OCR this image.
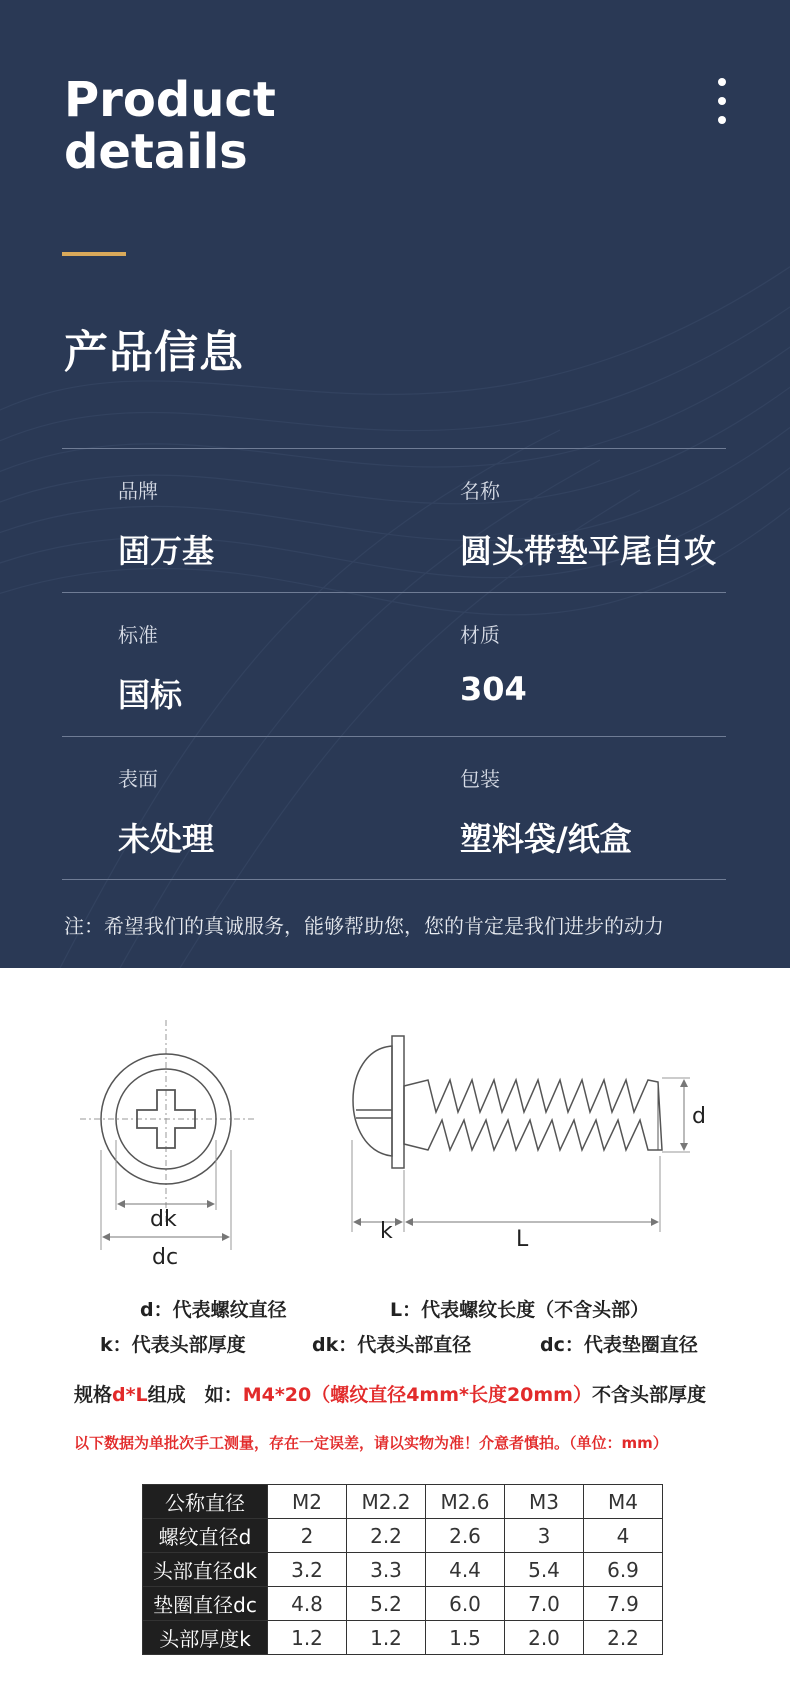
Product
details
产品信息
品牌
固万基
名称
圆头带垫平尾自攻
标准
国标
材质
304
表面
未处理
包装
塑料袋/纸盒
注：希望我们的真诚服务，能够帮助您，您的肯定是我们进步的动力
dk
dc
d
k	L
d：代表螺纹直径	L：代表螺纹长度（不含头部）
k：代表头部厚度	dk：代表头部直径	dc：代表垫圈直径
规格d*L组成　如：M4*20（螺纹直径4mm*长度20mm）不含头部厚度
以下数据为单批次手工测量，存在一定误差，请以实物为准！介意者慎拍。（单位：mm）
公称直径	M2	M2.2	M2.6	M3	M4
螺纹直径d	2	2.2	2.6	3	4
头部直径dk	3.2	3.3	4.4	5.4	6.9
垫圈直径dc	4.8	5.2	6.0	7.0	7.9
头部厚度k	1.2	1.2	1.5	2.0	2.2
